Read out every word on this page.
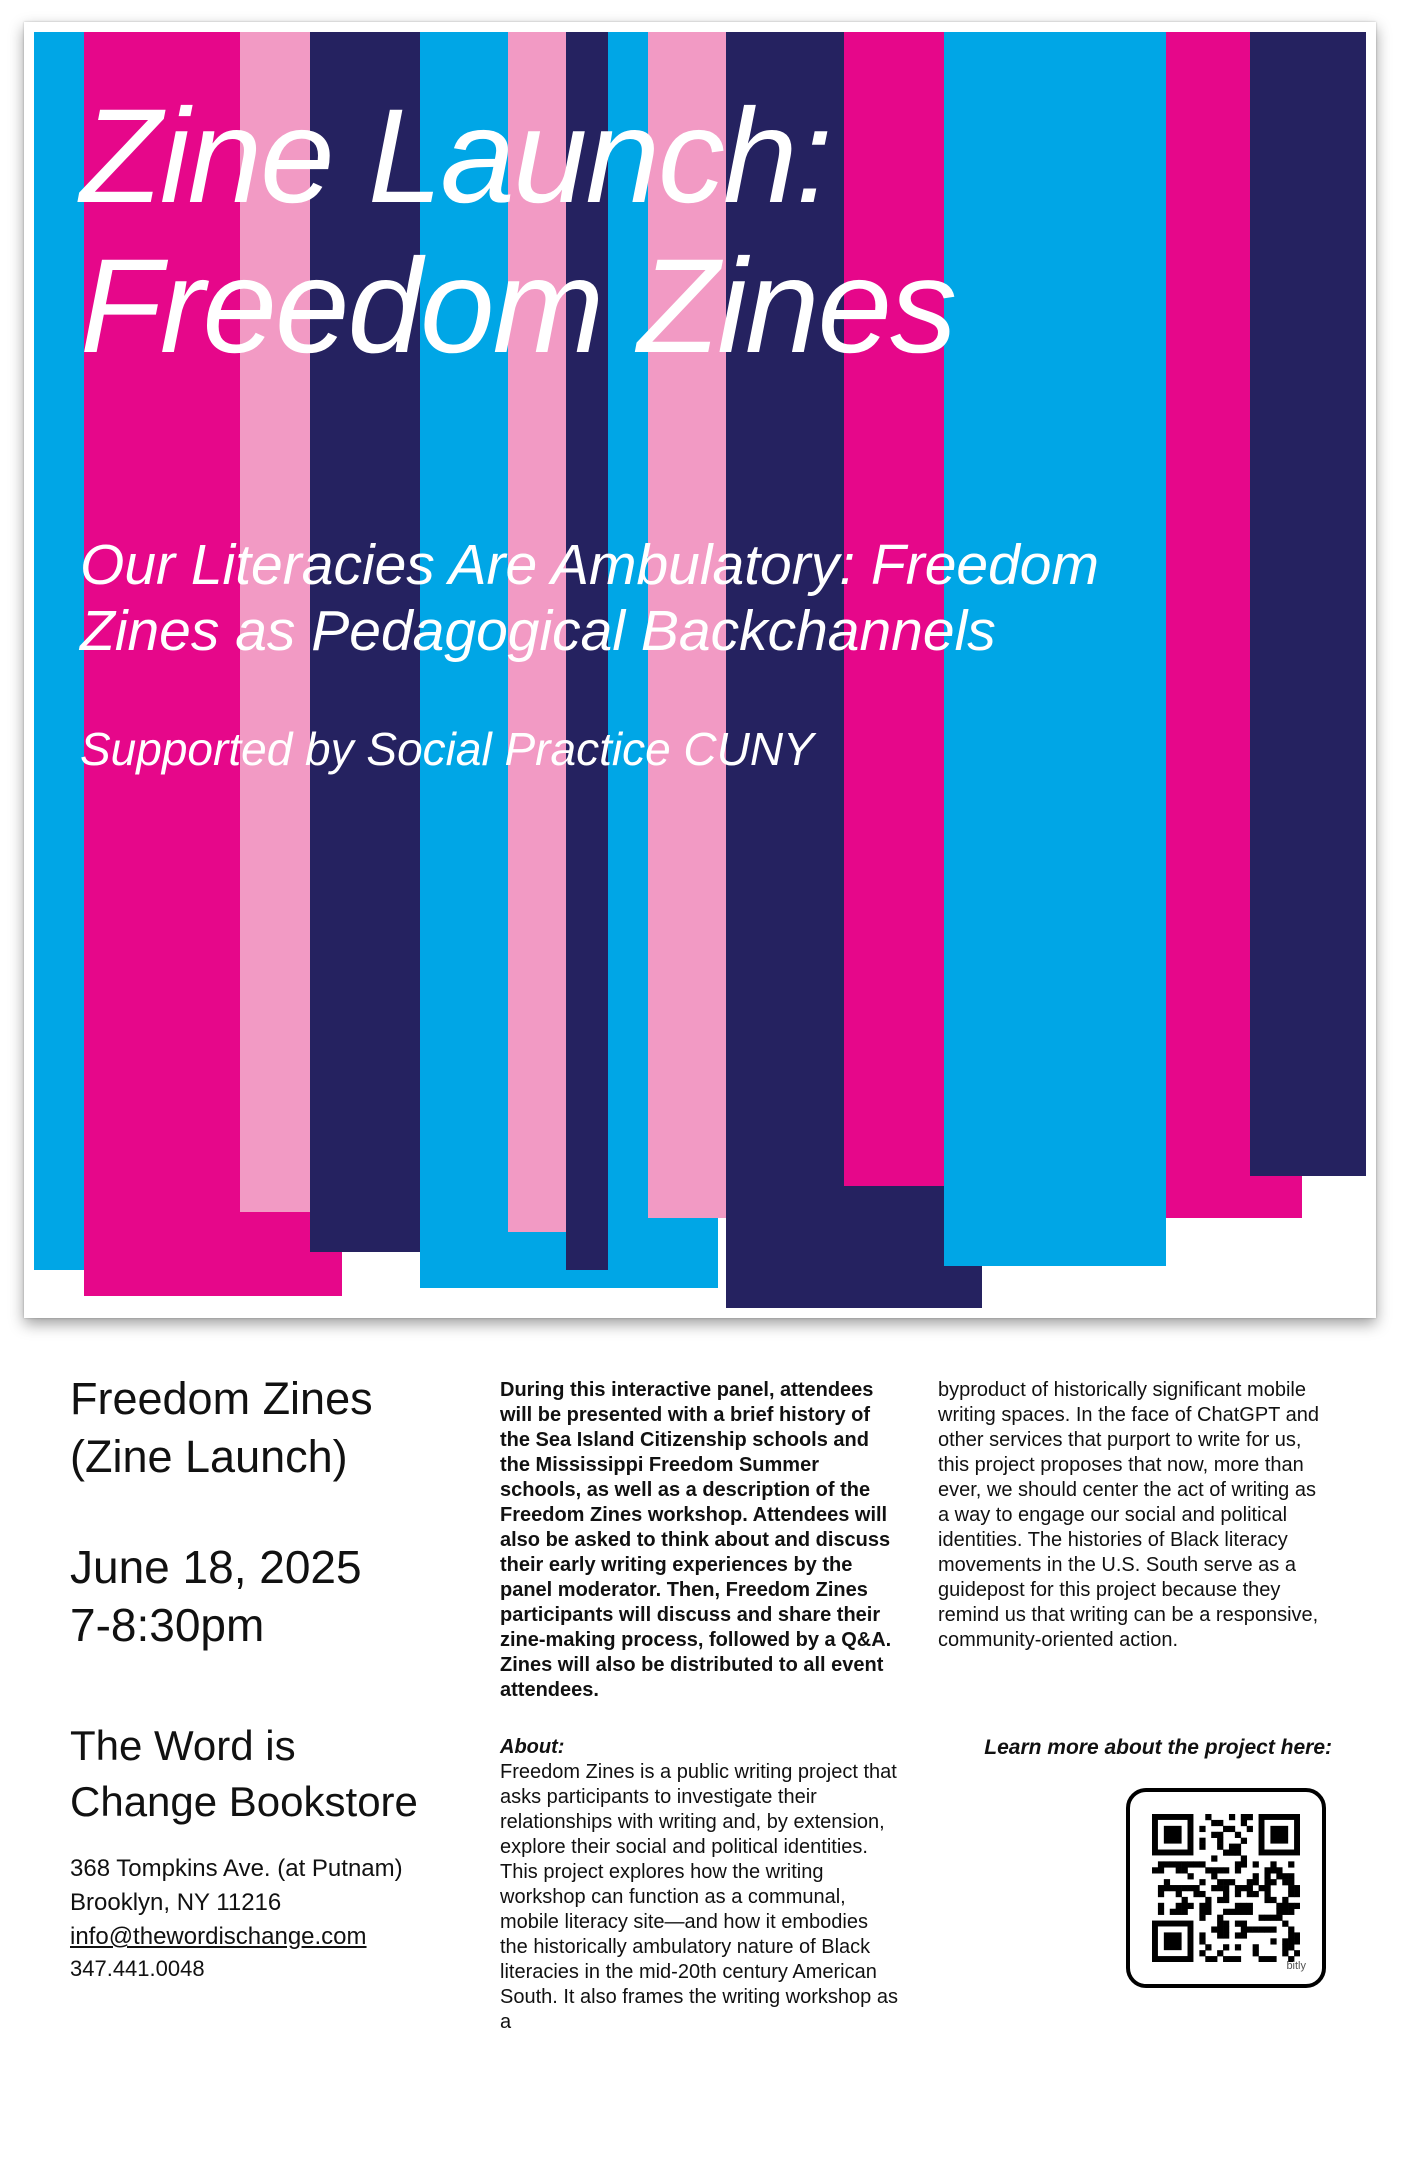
Zine Launch:
Freedom Zines
Our Literacies Are Ambulatory: Freedom
Zines as Pedagogical Backchannels
Supported by Social Practice CUNY
Freedom Zines
(Zine Launch)
June 18, 2025
7-8:30pm
The Word is
Change Bookstore
368 Tompkins Ave. (at Putnam)
Brooklyn, NY 11216
info@thewordischange.com
347.441.0048

During this interactive panel, attendees will be presented with a brief history of the Sea Island Citizenship schools and the Mississippi Freedom Summer schools, as well as a description of the Freedom Zines workshop. Attendees will also be asked to think about and discuss their early writing experiences by the panel moderator. Then, Freedom Zines participants will discuss and share their zine-making process, followed by a Q&A. Zines will also be distributed to all event attendees.

About:

Freedom Zines is a public writing project that asks participants to investigate their relationships with writing and, by extension, explore their social and political identities. This project explores how the writing workshop can function as a communal, mobile literacy site—and how it embodies the historically ambulatory nature of Black literacies in the mid-20th century American South. It also frames the writing workshop as a

byproduct of historically significant mobile writing spaces. In the face of ChatGPT and other services that purport to write for us, this project proposes that now, more than ever, we should center the act of writing as a way to engage our social and political identities. The histories of Black literacy movements in the U.S. South serve as a guidepost for this project because they remind us that writing can be a responsive, community-oriented action.

Learn more about the project here:
bitly
